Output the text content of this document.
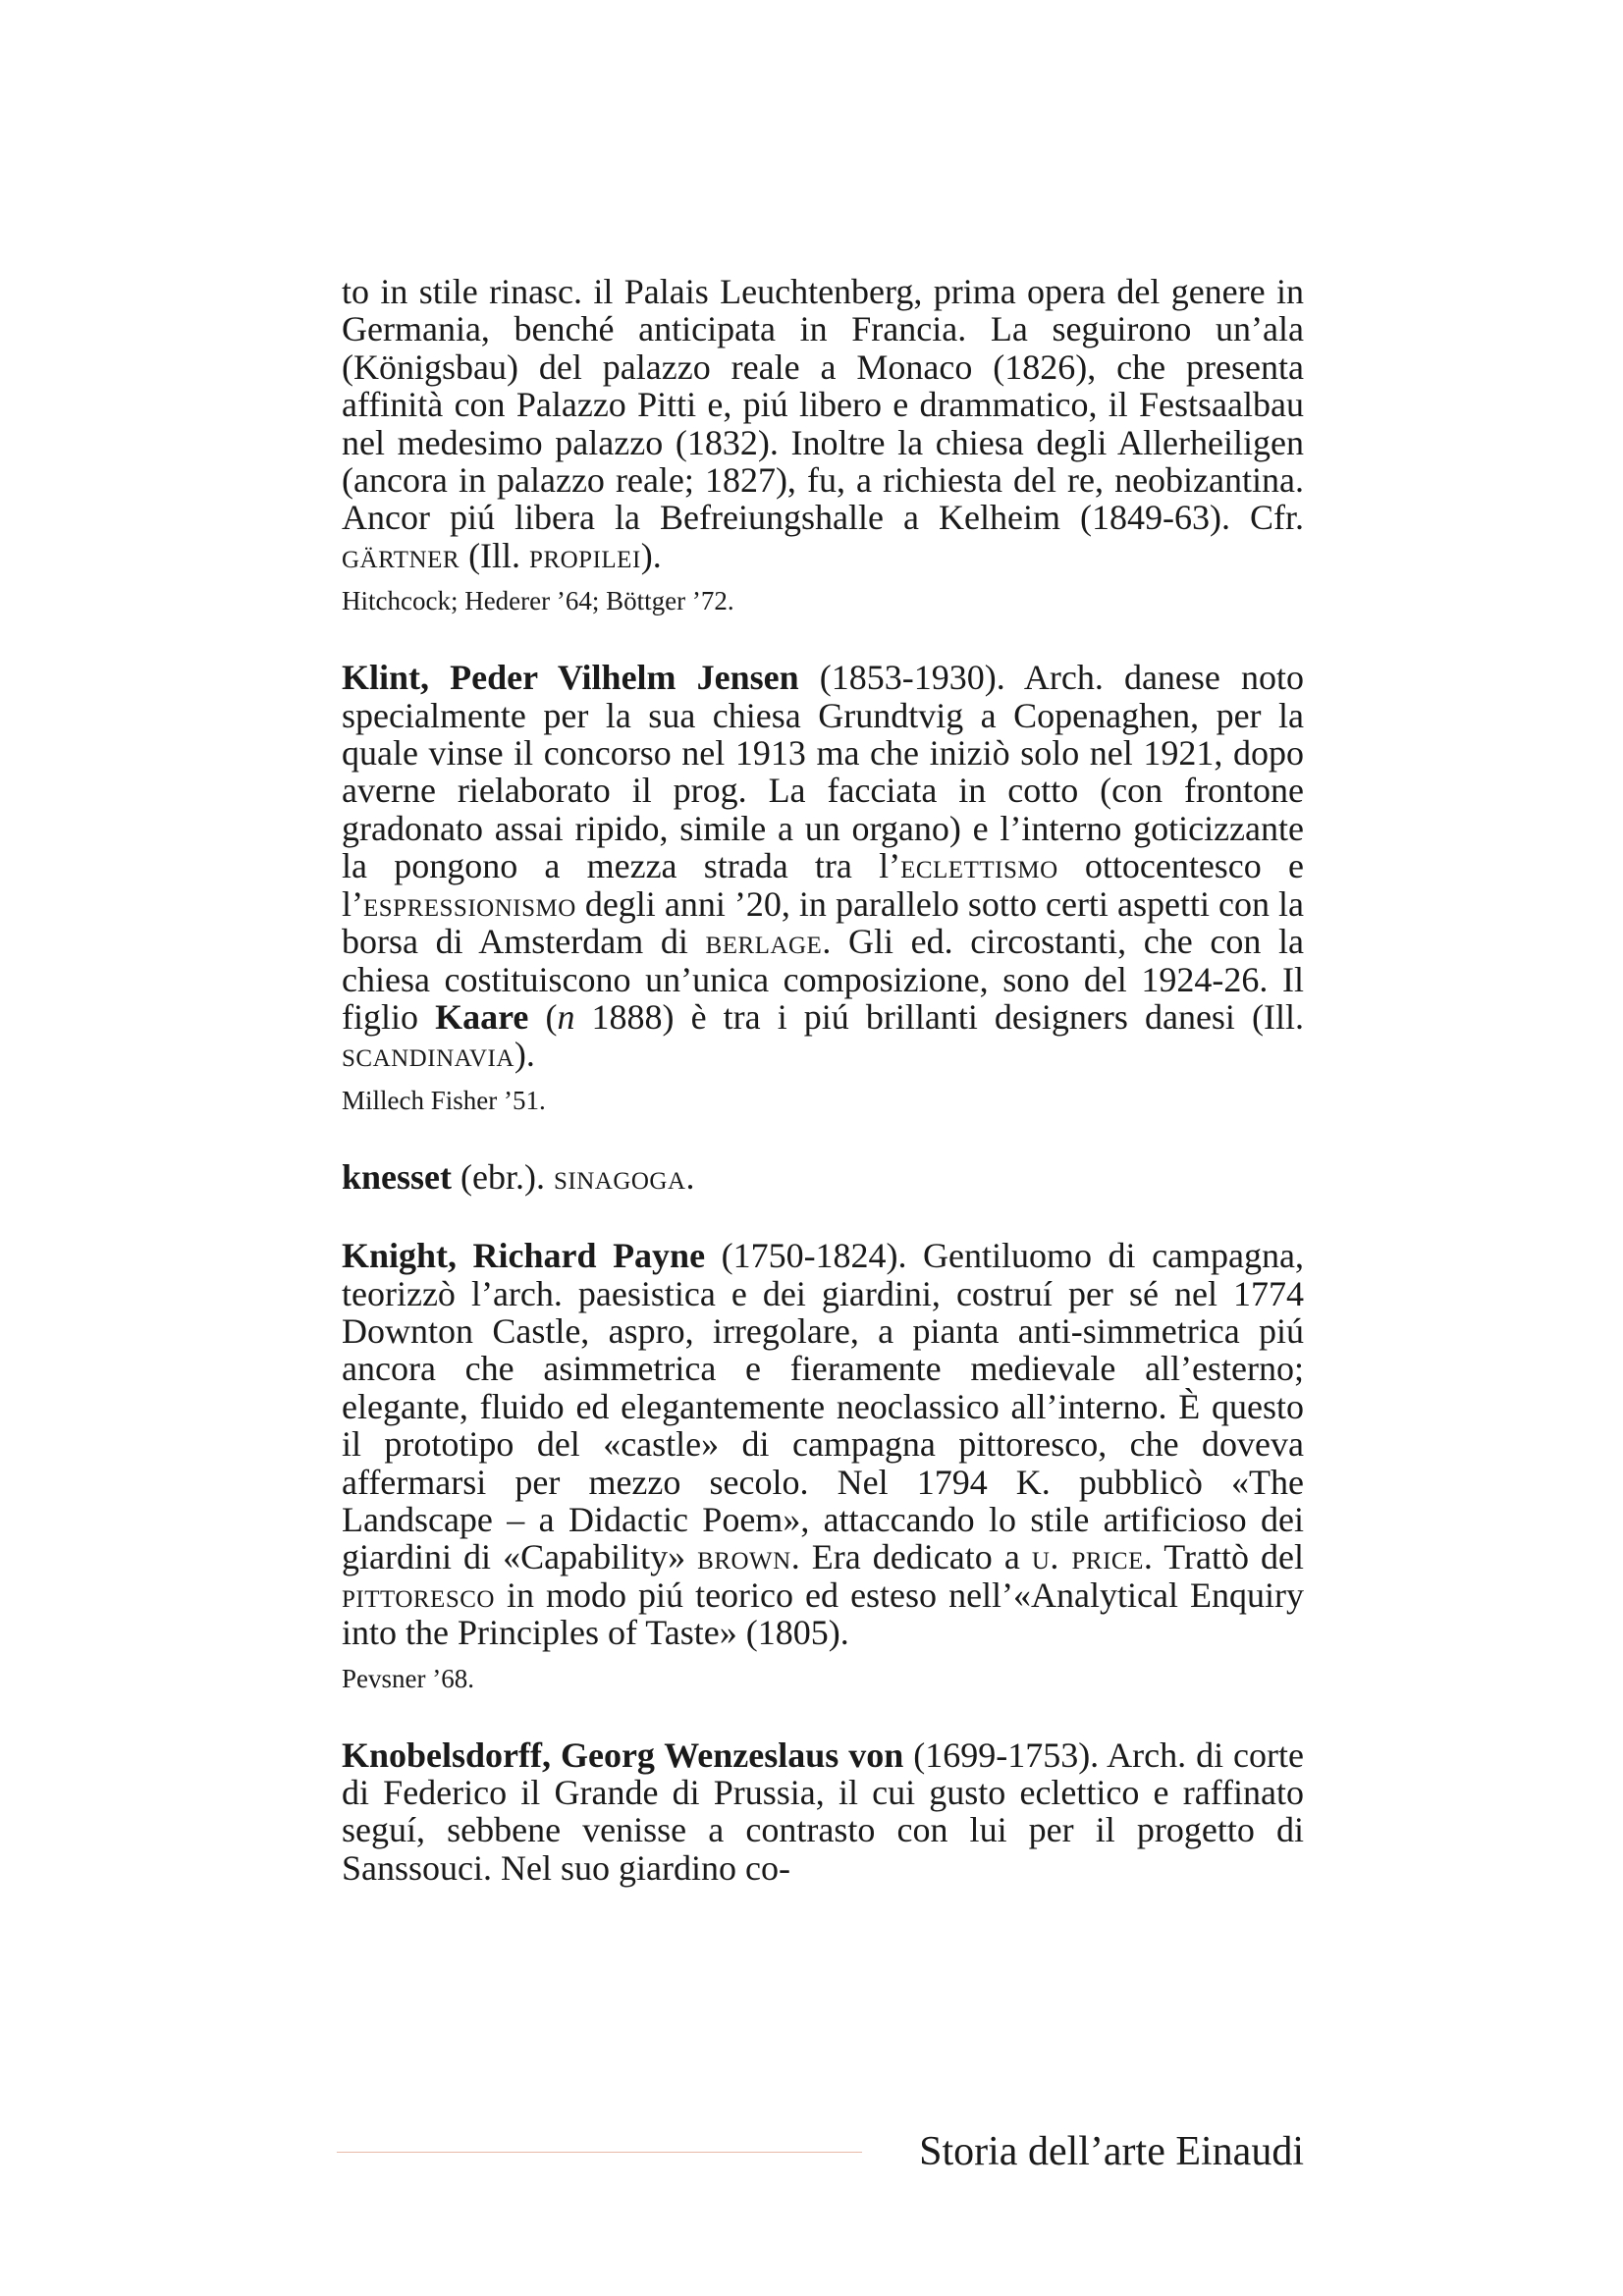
to in stile rinasc. il Palais Leuchtenberg, prima opera del genere in Germania, benché anticipata in Francia. La seguirono un’ala (Königsbau) del palazzo reale a Monaco (1826), che presenta affinità con Palazzo Pitti e, piú libero e drammatico, il Festsaalbau nel medesimo palazzo (1832). Inoltre la chiesa degli Allerheiligen (ancora in palazzo reale; 1827), fu, a richiesta del re, neobizantina. Ancor piú libera la Befreiungshalle a Kelheim (1849-63). Cfr. gärtner (Ill. propilei).

Hitchcock; Hederer ’64; Böttger ’72.

Klint, Peder Vilhelm Jensen (1853-1930). Arch. danese noto specialmente per la sua chiesa Grundtvig a Copenaghen, per la quale vinse il concorso nel 1913 ma che iniziò solo nel 1921, dopo averne rielaborato il prog. La facciata in cotto (con frontone gradonato assai ripido, simile a un organo) e l’interno goticizzante la pongono a mezza strada tra l’eclettismo ottocentesco e l’espressionismo degli anni ’20, in parallelo sotto certi aspetti con la borsa di Amsterdam di berlage. Gli ed. circostanti, che con la chiesa costituiscono un’unica composizione, sono del 1924-26. Il figlio Kaare (n 1888) è tra i piú brillanti designers danesi (Ill. scandinavia).

Millech Fisher ’51.

knesset (ebr.). sinagoga.

Knight, Richard Payne (1750-1824). Gentiluomo di campagna, teorizzò l’arch. paesistica e dei giardini, costruí per sé nel 1774 Downton Castle, aspro, irregolare, a pianta anti-simmetrica piú ancora che asimmetrica e fieramente medievale all’esterno; elegante, fluido ed elegantemente neoclassico all’interno. È questo il prototipo del «castle» di campagna pittoresco, che doveva affermarsi per mezzo secolo. Nel 1794 K. pubblicò «The Landscape – a Didactic Poem», attaccando lo stile artificioso dei giardini di «Capability» brown. Era dedicato a u. price. Trattò del pittoresco in modo piú teorico ed esteso nell’«Analytical Enquiry into the Principles of Taste» (1805).

Pevsner ’68.

Knobelsdorff, Georg Wenzeslaus von (1699-1753). Arch. di corte di Federico il Grande di Prussia, il cui gusto eclettico e raffinato seguí, sebbene venisse a contrasto con lui per il progetto di Sanssouci. Nel suo giardino co-

Storia dell’arte Einaudi
